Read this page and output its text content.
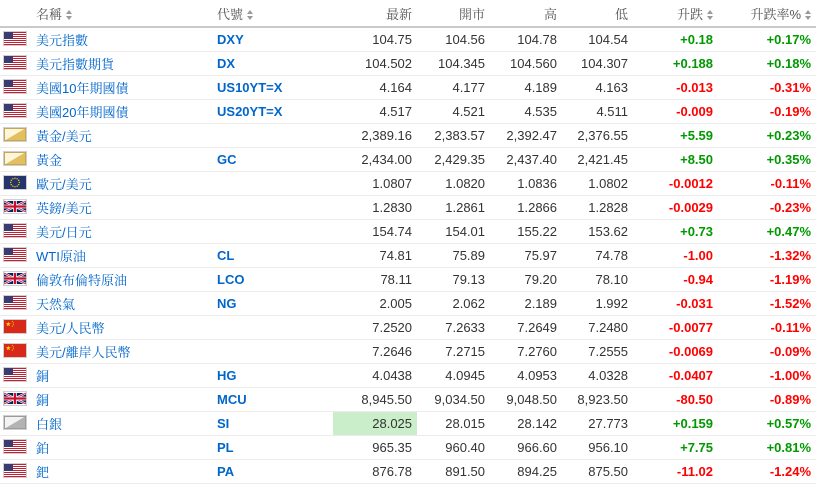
名稱		代號	最新	開市	高	低	升跌	升跌率%

	美元指數	DXY	104.75	104.56	104.78	104.54	+0.18	+0.17%

	美元指數期貨	DX	104.502	104.345	104.560	104.307	+0.188	+0.18%

	美國10年期國債	US10YT=X	4.164	4.177	4.189	4.163	-0.013	-0.31%

	美國20年期國債	US20YT=X	4.517	4.521	4.535	4.511	-0.009	-0.19%

	黃金/美元		2,389.16	2,383.57	2,392.47	2,376.55	+5.59	+0.23%

	黃金	GC	2,434.00	2,429.35	2,437.40	2,421.45	+8.50	+0.35%

	歐元/美元		1.0807	1.0820	1.0836	1.0802	-0.0012	-0.11%

	英鎊/美元		1.2830	1.2861	1.2866	1.2828	-0.0029	-0.23%

	美元/日元		154.74	154.01	155.22	153.62	+0.73	+0.47%

	WTI原油	CL	74.81	75.89	75.97	74.78	-1.00	-1.32%

	倫敦布倫特原油	LCO	78.11	79.13	79.20	78.10	-0.94	-1.19%

	天然氣	NG	2.005	2.062	2.189	1.992	-0.031	-1.52%

	美元/人民幣		7.2520	7.2633	7.2649	7.2480	-0.0077	-0.11%

	美元/離岸人民幣		7.2646	7.2715	7.2760	7.2555	-0.0069	-0.09%

	銅	HG	4.0438	4.0945	4.0953	4.0328	-0.0407	-1.00%

	銅	MCU	8,945.50	9,034.50	9,048.50	8,923.50	-80.50	-0.89%

	白銀	SI	28.025	28.015	28.142	27.773	+0.159	+0.57%

	鉑	PL	965.35	960.40	966.60	956.10	+7.75	+0.81%

	鈀	PA	876.78	891.50	894.25	875.50	-11.02	-1.24%
